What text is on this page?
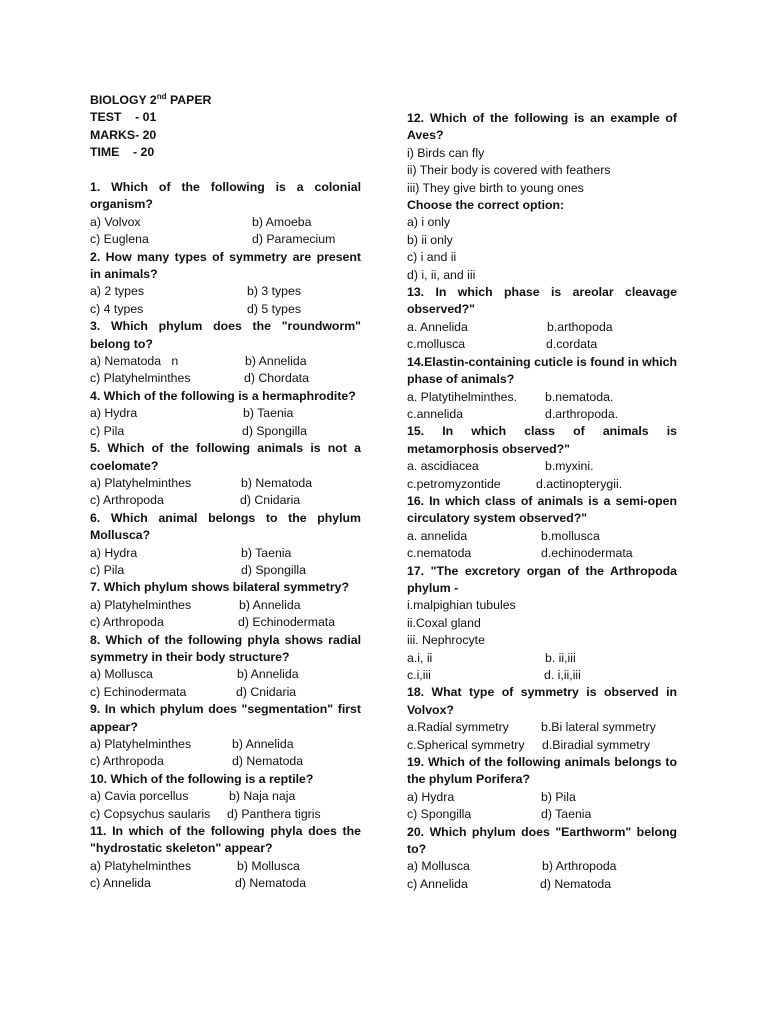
BIOLOGY 2nd PAPER
TEST    - 01
MARKS- 20
TIME    - 20
1. Which of the following is a colonial organism?
a) Volvox	b) Amoeba
c) Euglena	d) Paramecium
2. How many types of symmetry are present in animals?
a) 2 types	b) 3 types
c) 4 types	d) 5 types
3. Which phylum does the "roundworm" belong to?
a) Nematoda   n	b) Annelida
c) Platyhelminthes	d) Chordata
4. Which of the following is a hermaphrodite?
a) Hydra	b) Taenia
c) Pila	d) Spongilla
5. Which of the following animals is not a coelomate?
a) Platyhelminthes	b) Nematoda
c) Arthropoda	d) Cnidaria
6. Which animal belongs to the phylum Mollusca?
a) Hydra	b) Taenia
c) Pila	d) Spongilla
7. Which phylum shows bilateral symmetry?
a) Platyhelminthes	b) Annelida
c) Arthropoda	d) Echinodermata
8. Which of the following phyla shows radial symmetry in their body structure?
a) Mollusca	b) Annelida
c) Echinodermata	d) Cnidaria
9. In which phylum does "segmentation" first appear?
a) Platyhelminthes	b) Annelida
c) Arthropoda	d) Nematoda
10. Which of the following is a reptile?
a) Cavia porcellus	b) Naja naja
c) Copsychus saularis	d) Panthera tigris
11. In which of the following phyla does the "hydrostatic skeleton" appear?
a) Platyhelminthes	b) Mollusca
c) Annelida	d) Nematoda
12. Which of the following is an example of Aves?
i) Birds can fly
ii) Their body is covered with feathers
iii) They give birth to young ones
Choose the correct option:
a) i only
b) ii only
c) i and ii
d) i, ii, and iii
13. In which phase is areolar cleavage observed?"
a. Annelida	b.arthopoda
c.mollusca	d.cordata
14.Elastin-containing cuticle is found in which phase of animals?
a. Platytihelminthes.	b.nematoda.
c.annelida	d.arthropoda.
15. In which class of animals is metamorphosis observed?"
a. ascidiacea	b.myxini.
c.petromyzontide	d.actinopterygii.
16. In which class of animals is a semi-open circulatory system observed?"
a. annelida	b.mollusca
c.nematoda	d.echinodermata
17. "The excretory organ of the Arthropoda phylum -
i.malpighian tubules
ii.Coxal gland
iii. Nephrocyte
a.i, ii	b. ii,iii
c.i,iii	d. i,ii,iii
18. What type of symmetry is observed in Volvox?
a.Radial symmetry	b.Bi lateral symmetry
c.Spherical symmetry	d.Biradial symmetry
19. Which of the following animals belongs to the phylum Porifera?
a) Hydra	b) Pila
c) Spongilla	d) Taenia
20. Which phylum does "Earthworm" belong to?
a) Mollusca	b) Arthropoda
c) Annelida	d) Nematoda
